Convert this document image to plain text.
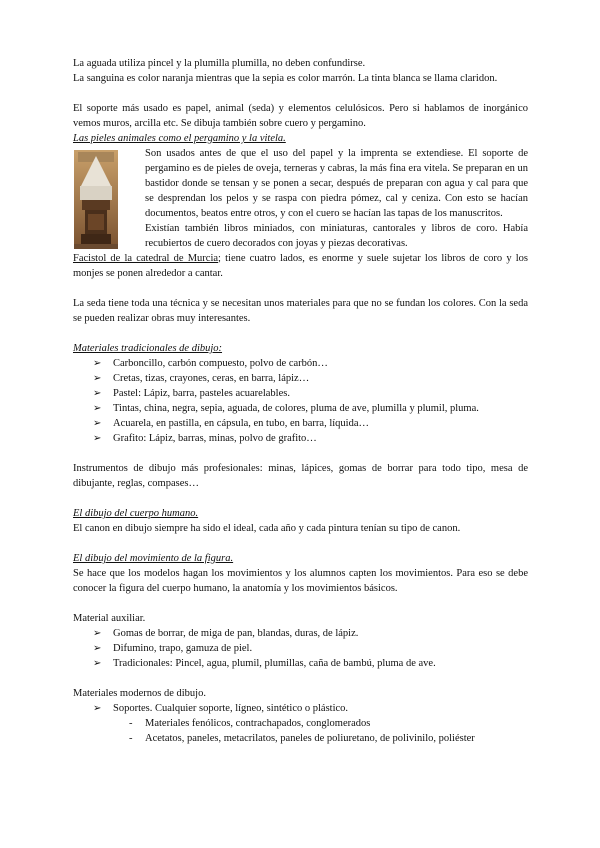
La aguada utiliza pincel y la plumilla plumilla, no deben confundirse.

La sanguina es color naranja mientras que la sepia es color marrón. La tinta blanca se llama claridon.

El soporte más usado es papel, animal (seda) y elementos celulósicos. Pero si hablamos de inorgánico vemos muros, arcilla etc. Se dibuja también sobre cuero y pergamino.

Las pieles animales como el pergamino y la vitela.

Son usados antes de que el uso del papel y la imprenta se extendiese. El soporte de pergamino es de pieles de oveja, terneras y cabras, la más fina era vitela. Se preparan en un bastidor donde se tensan y se ponen a secar, después de preparan con agua y cal para que se desprendan los pelos y se raspa con piedra pómez, cal y ceniza. Con esto se hacían documentos, beatos entre otros, y con el cuero se hacían las tapas de los manuscritos.

Existían también libros miniados, con miniaturas, cantorales y libros de coro. Había recubiertos de cuero decorados con joyas y piezas decorativas.

Facistol de la catedral de Murcia; tiene cuatro lados, es enorme y suele sujetar los libros de coro y los monjes se ponen alrededor a cantar.

La seda tiene toda una técnica y se necesitan unos materiales para que no se fundan los colores. Con la seda se pueden realizar obras muy interesantes.

Materiales tradicionales de dibujo:

➢ Carboncillo, carbón compuesto, polvo de carbón…
➢ Cretas, tizas, crayones, ceras, en barra, lápiz…
➢ Pastel: Lápiz, barra, pasteles acuarelables.
➢ Tintas, china, negra, sepia, aguada, de colores, pluma de ave, plumilla y plumil, pluma.
➢ Acuarela, en pastilla, en cápsula, en tubo, en barra, líquida…
➢ Grafito: Lápiz, barras, minas, polvo de grafito…

Instrumentos de dibujo más profesionales: minas, lápices, gomas de borrar para todo tipo, mesa de dibujante, reglas, compases…

El dibujo del cuerpo humano.

El canon en dibujo siempre ha sido el ideal, cada año y cada pintura tenían su tipo de canon.

El dibujo del movimiento de la figura.

Se hace que los modelos hagan los movimientos y los alumnos capten los movimientos. Para eso se debe conocer la figura del cuerpo humano, la anatomía y los movimientos básicos.

Material auxiliar.

➢ Gomas de borrar, de miga de pan, blandas, duras, de lápiz.
➢ Difumino, trapo, gamuza de piel.
➢ Tradicionales: Pincel, agua, plumil, plumillas, caña de bambú, pluma de ave.

Materiales modernos de dibujo.

➢ Soportes. Cualquier soporte, lígneo, sintético o plástico.
- Materiales fenólicos, contrachapados, conglomerados
- Acetatos, paneles, metacrilatos, paneles de poliuretano, de polivinilo, poliéster
